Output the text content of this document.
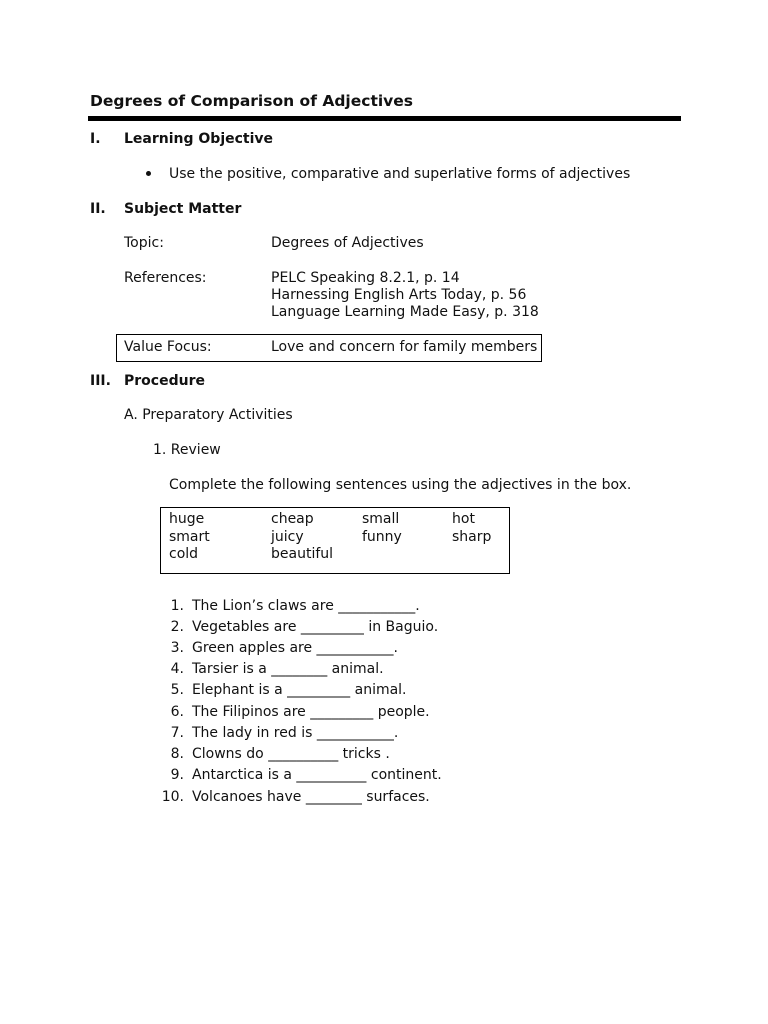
Degrees of Comparison of Adjectives
I. Learning Objective
Use the positive, comparative and superlative forms of adjectives
II. Subject Matter
Topic:	Degrees of Adjectives
References:	PELC Speaking 8.2.1, p. 14
Harnessing English Arts Today, p. 56
Language Learning Made Easy, p. 318
Value Focus:	Love and concern for family members
III. Procedure
A. Preparatory Activities
1. Review
Complete the following sentences using the adjectives in the box.
huge	cheap	small	hot
smart	juicy	funny	sharp
cold	beautiful
1. The Lion’s claws are ___________.
2. Vegetables are _________ in Baguio.
3. Green apples are ___________.
4. Tarsier is a ________ animal.
5. Elephant is a _________ animal.
6. The Filipinos are _________ people.
7. The lady in red is ___________.
8. Clowns do __________ tricks .
9. Antarctica is a __________ continent.
10. Volcanoes have ________ surfaces.
